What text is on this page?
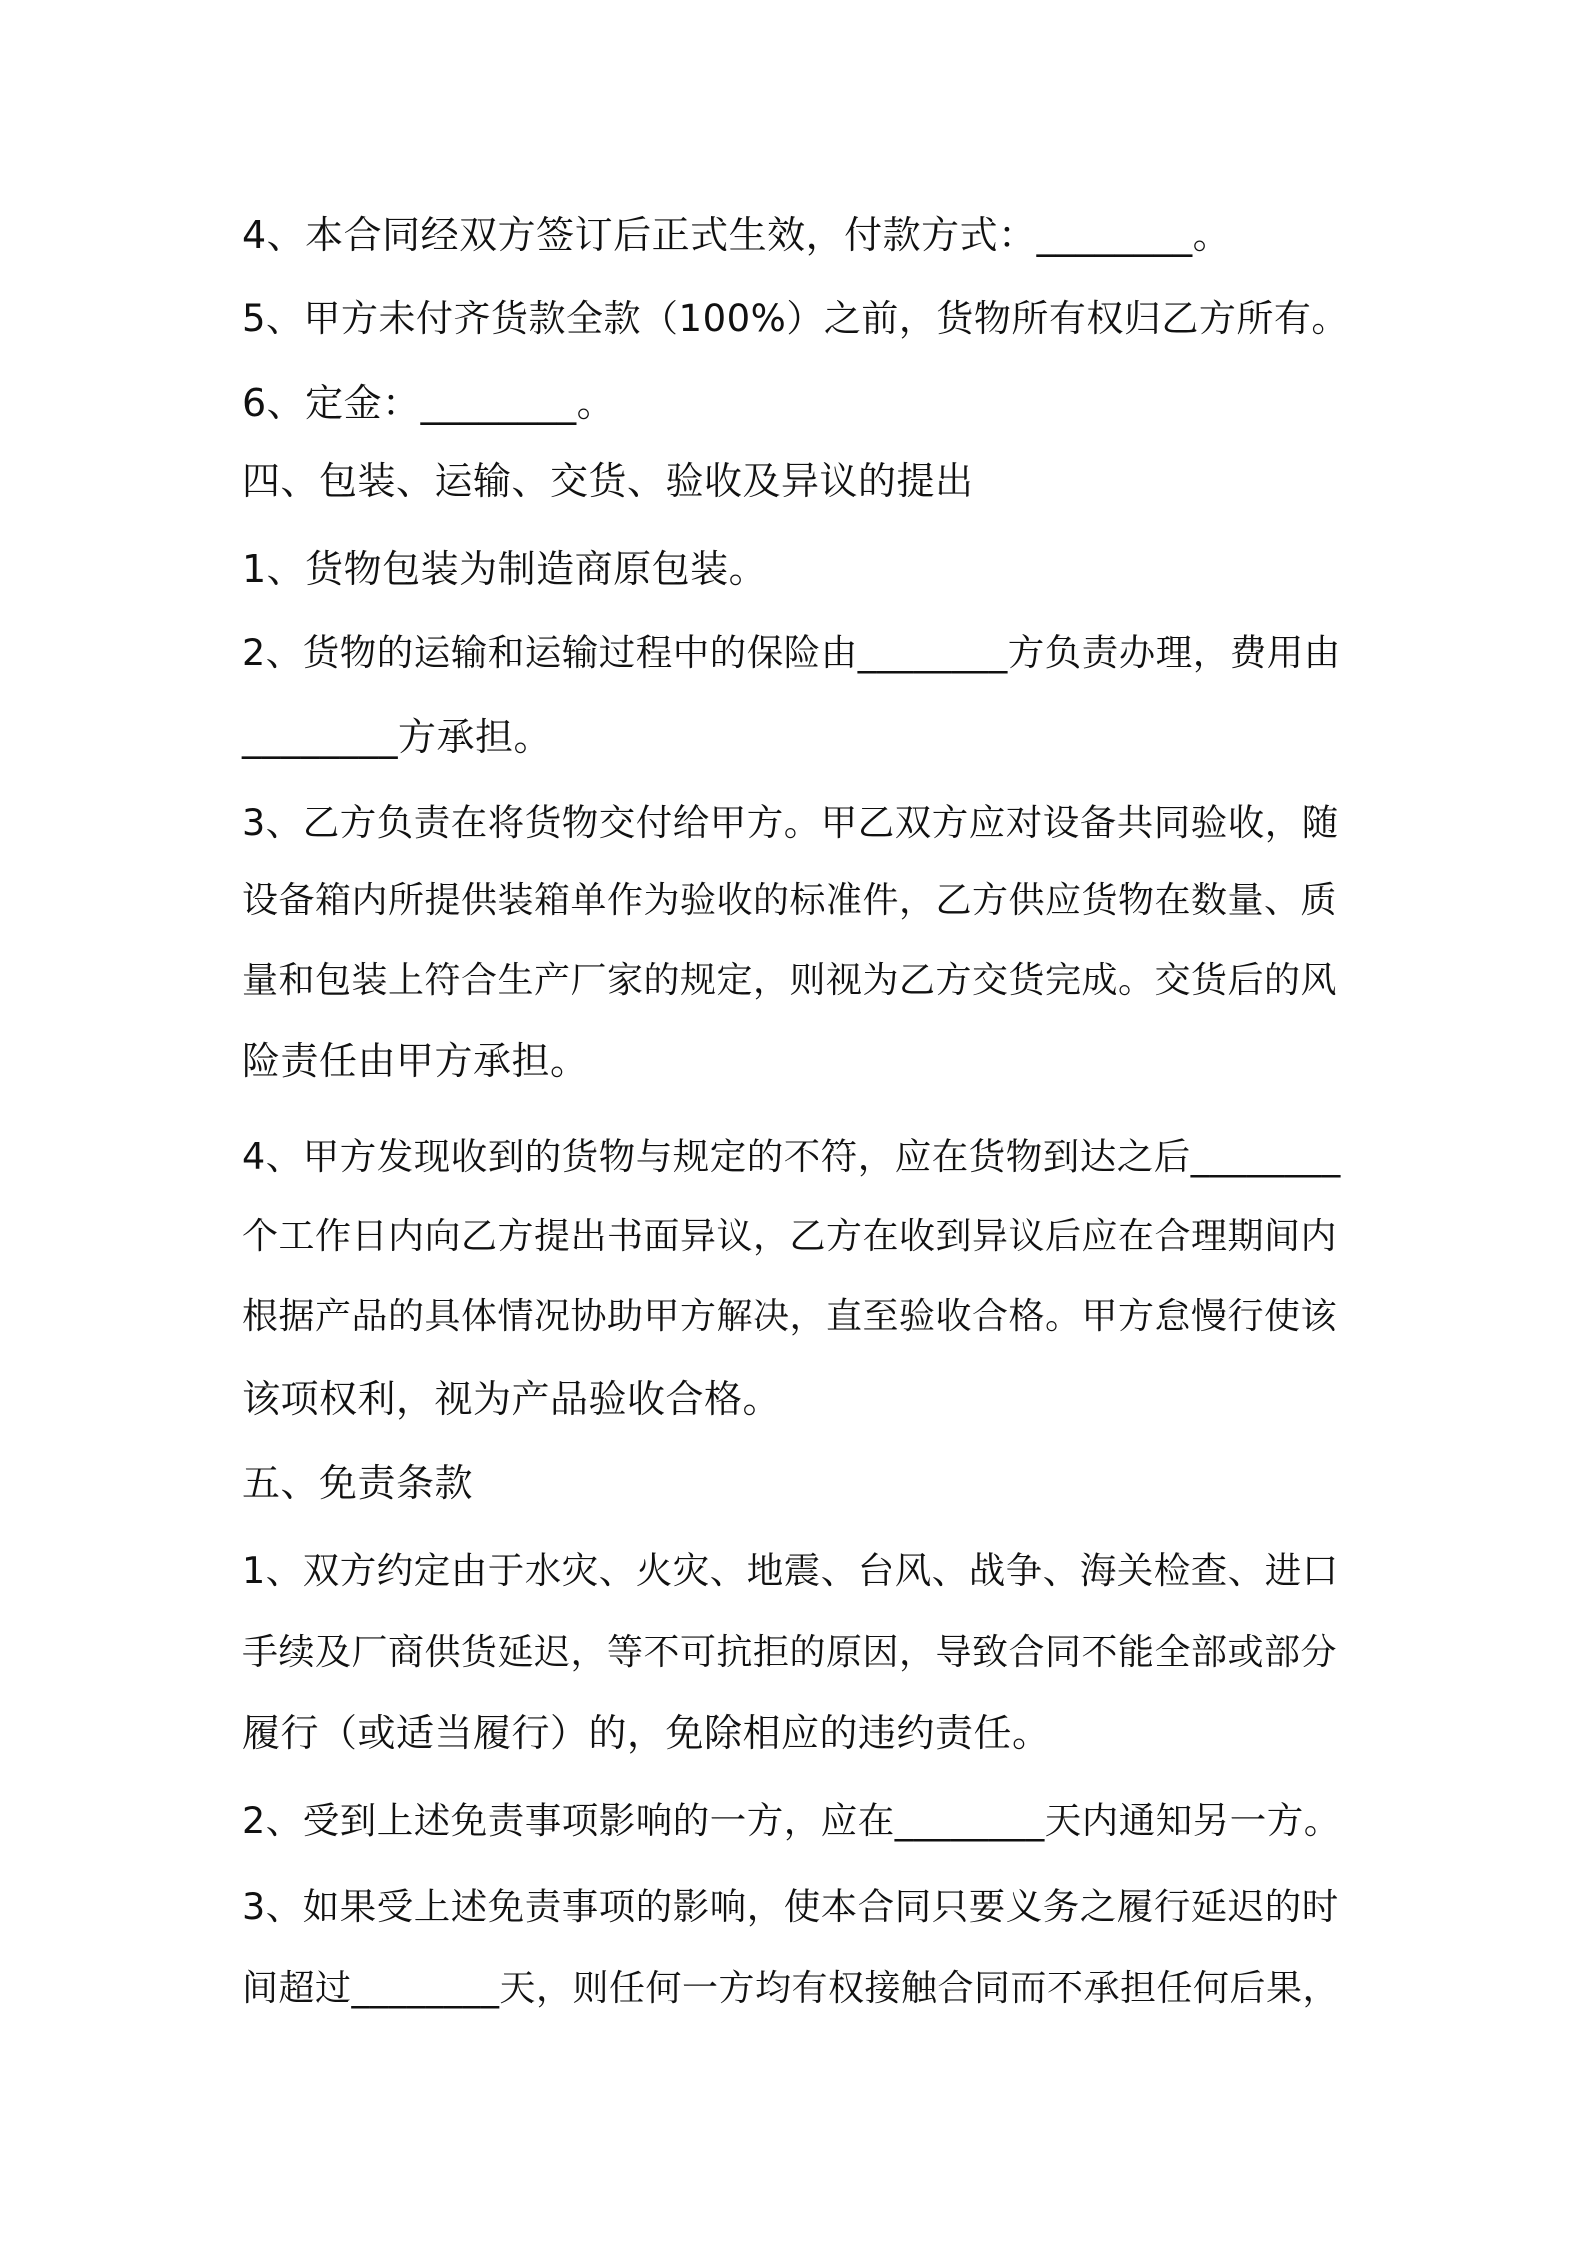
4、本合同经双方签订后正式生效，付款方式：________。
5、甲方未付齐货款全款（100%）之前，货物所有权归乙方所有。
6、定金：________。
四、包装、运输、交货、验收及异议的提出
1、货物包装为制造商原包装。
2、货物的运输和运输过程中的保险由________方负责办理，费用由
________方承担。
3、乙方负责在将货物交付给甲方。甲乙双方应对设备共同验收，随
设备箱内所提供装箱单作为验收的标准件，乙方供应货物在数量、质
量和包装上符合生产厂家的规定，则视为乙方交货完成。交货后的风
险责任由甲方承担。
4、甲方发现收到的货物与规定的不符，应在货物到达之后________
个工作日内向乙方提出书面异议，乙方在收到异议后应在合理期间内
根据产品的具体情况协助甲方解决，直至验收合格。甲方怠慢行使该
该项权利，视为产品验收合格。
五、免责条款
1、双方约定由于水灾、火灾、地震、台风、战争、海关检查、进口
手续及厂商供货延迟，等不可抗拒的原因，导致合同不能全部或部分
履行（或适当履行）的，免除相应的违约责任。
2、受到上述免责事项影响的一方，应在________天内通知另一方。
3、如果受上述免责事项的影响，使本合同只要义务之履行延迟的时
间超过________天，则任何一方均有权接触合同而不承担任何后果，
